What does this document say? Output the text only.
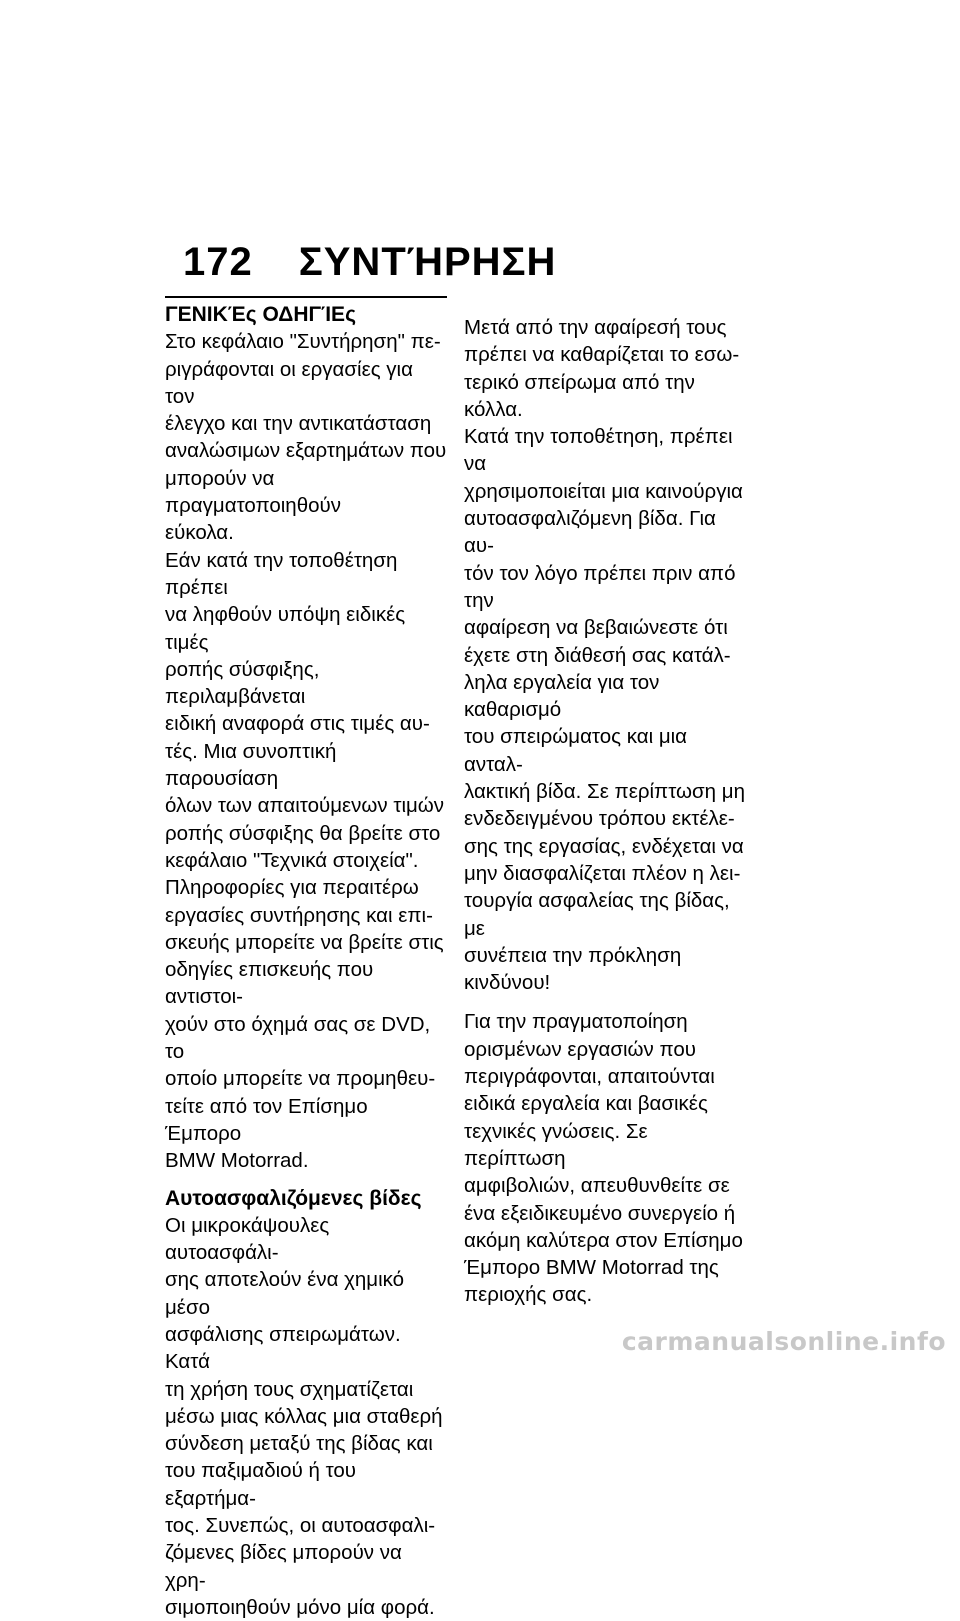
172 ΣΥΝΤΉΡΗΣΗ
ΓΕΝΙΚΈς ΟΔΗΓΊΕς

Στο κεφάλαιο "Συντήρηση" πε-
ριγράφονται οι εργασίες για τον
έλεγχο και την αντικατάσταση
αναλώσιμων εξαρτημάτων που
μπορούν να πραγματοποιηθούν
εύκολα.

Εάν κατά την τοποθέτηση πρέπει
να ληφθούν υπόψη ειδικές τιμές
ροπής σύσφιξης, περιλαμβάνεται
ειδική αναφορά στις τιμές αυ-
τές. Μια συνοπτική παρουσίαση
όλων των απαιτούμενων τιμών
ροπής σύσφιξης θα βρείτε στο
κεφάλαιο "Τεχνικά στοιχεία".
Πληροφορίες για περαιτέρω
εργασίες συντήρησης και επι-
σκευής μπορείτε να βρείτε στις
οδηγίες επισκευής που αντιστοι-
χούν στο όχημά σας σε DVD, το
οποίο μπορείτε να προμηθευ-
τείτε από τον Επίσημο Έμπορο
BMW Motorrad.

Αυτοασφαλιζόμενες βίδες

Οι μικροκάψουλες αυτοασφάλι-
σης αποτελούν ένα χημικό μέσο
ασφάλισης σπειρωμάτων. Κατά
τη χρήση τους σχηματίζεται
μέσω μιας κόλλας μια σταθερή
σύνδεση μεταξύ της βίδας και
του παξιμαδιού ή του εξαρτήμα-
τος. Συνεπώς, οι αυτοασφαλι-
ζόμενες βίδες μπορούν να χρη-
σιμοποιηθούν μόνο μία φορά.

Μετά από την αφαίρεσή τους
πρέπει να καθαρίζεται το εσω-
τερικό σπείρωμα από την κόλλα.
Κατά την τοποθέτηση, πρέπει να
χρησιμοποιείται μια καινούργια
αυτοασφαλιζόμενη βίδα. Για αυ-
τόν τον λόγο πρέπει πριν από την
αφαίρεση να βεβαιώνεστε ότι
έχετε στη διάθεσή σας κατάλ-
ληλα εργαλεία για τον καθαρισμό
του σπειρώματος και μια ανταλ-
λακτική βίδα. Σε περίπτωση μη
ενδεδειγμένου τρόπου εκτέλε-
σης της εργασίας, ενδέχεται να
μην διασφαλίζεται πλέον η λει-
τουργία ασφαλείας της βίδας, με
συνέπεια την πρόκληση κινδύνου!

Για την πραγματοποίηση
ορισμένων εργασιών που
περιγράφονται, απαιτούνται
ειδικά εργαλεία και βασικές
τεχνικές γνώσεις. Σε περίπτωση
αμφιβολιών, απευθυνθείτε σε
ένα εξειδικευμένο συνεργείο ή
ακόμη καλύτερα στον Επίσημο
Έμπορο BMW Motorrad της
περιοχής σας.

carmanualsonline.info
